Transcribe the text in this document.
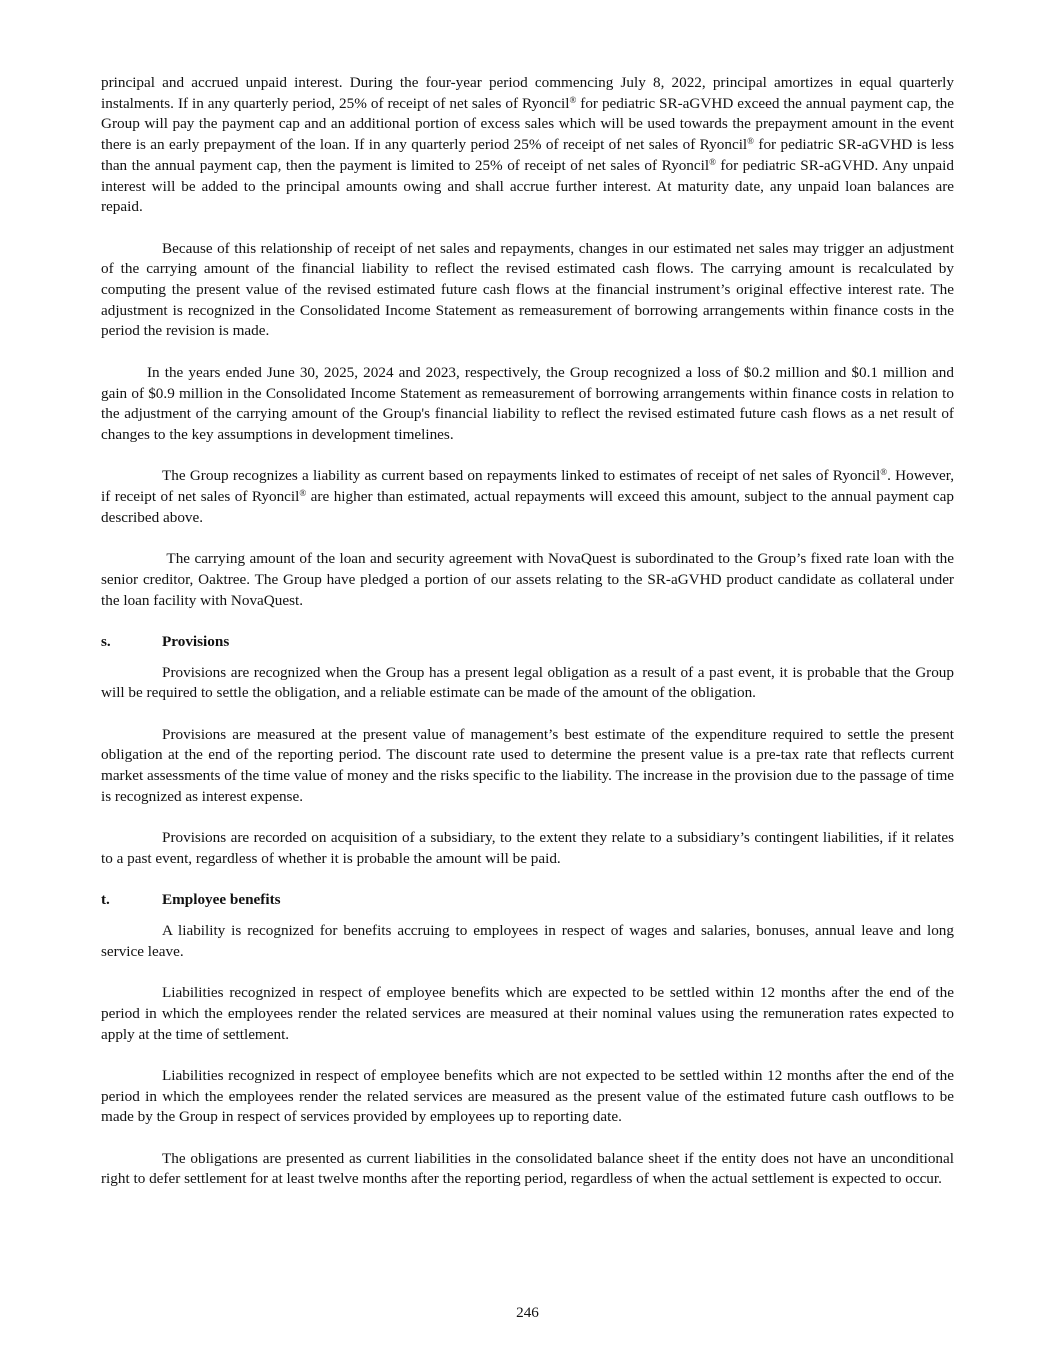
principal and accrued unpaid interest. During the four-year period commencing July 8, 2022, principal amortizes in equal quarterly instalments. If in any quarterly period, 25% of receipt of net sales of Ryoncil® for pediatric SR-aGVHD exceed the annual payment cap, the Group will pay the payment cap and an additional portion of excess sales which will be used towards the prepayment amount in the event there is an early prepayment of the loan. If in any quarterly period 25% of receipt of net sales of Ryoncil® for pediatric SR-aGVHD is less than the annual payment cap, then the payment is limited to 25% of receipt of net sales of Ryoncil® for pediatric SR-aGVHD. Any unpaid interest will be added to the principal amounts owing and shall accrue further interest. At maturity date, any unpaid loan balances are repaid.

Because of this relationship of receipt of net sales and repayments, changes in our estimated net sales may trigger an adjustment of the carrying amount of the financial liability to reflect the revised estimated cash flows. The carrying amount is recalculated by computing the present value of the revised estimated future cash flows at the financial instrument’s original effective interest rate. The adjustment is recognized in the Consolidated Income Statement as remeasurement of borrowing arrangements within finance costs in the period the revision is made.

In the years ended June 30, 2025, 2024 and 2023, respectively, the Group recognized a loss of $0.2 million and $0.1 million and gain of $0.9 million in the Consolidated Income Statement as remeasurement of borrowing arrangements within finance costs in relation to the adjustment of the carrying amount of the Group's financial liability to reflect the revised estimated future cash flows as a net result of changes to the key assumptions in development timelines.

The Group recognizes a liability as current based on repayments linked to estimates of receipt of net sales of Ryoncil®. However, if receipt of net sales of Ryoncil® are higher than estimated, actual repayments will exceed this amount, subject to the annual payment cap described above.

The carrying amount of the loan and security agreement with NovaQuest is subordinated to the Group’s fixed rate loan with the senior creditor, Oaktree. The Group have pledged a portion of our assets relating to the SR-aGVHD product candidate as collateral under the loan facility with NovaQuest.

s.	Provisions

Provisions are recognized when the Group has a present legal obligation as a result of a past event, it is probable that the Group will be required to settle the obligation, and a reliable estimate can be made of the amount of the obligation.

Provisions are measured at the present value of management’s best estimate of the expenditure required to settle the present obligation at the end of the reporting period. The discount rate used to determine the present value is a pre-tax rate that reflects current market assessments of the time value of money and the risks specific to the liability. The increase in the provision due to the passage of time is recognized as interest expense.

Provisions are recorded on acquisition of a subsidiary, to the extent they relate to a subsidiary’s contingent liabilities, if it relates to a past event, regardless of whether it is probable the amount will be paid.

t.	Employee benefits

A liability is recognized for benefits accruing to employees in respect of wages and salaries, bonuses, annual leave and long service leave.

Liabilities recognized in respect of employee benefits which are expected to be settled within 12 months after the end of the period in which the employees render the related services are measured at their nominal values using the remuneration rates expected to apply at the time of settlement.

Liabilities recognized in respect of employee benefits which are not expected to be settled within 12 months after the end of the period in which the employees render the related services are measured as the present value of the estimated future cash outflows to be made by the Group in respect of services provided by employees up to reporting date.

The obligations are presented as current liabilities in the consolidated balance sheet if the entity does not have an unconditional right to defer settlement for at least twelve months after the reporting period, regardless of when the actual settlement is expected to occur.

246
